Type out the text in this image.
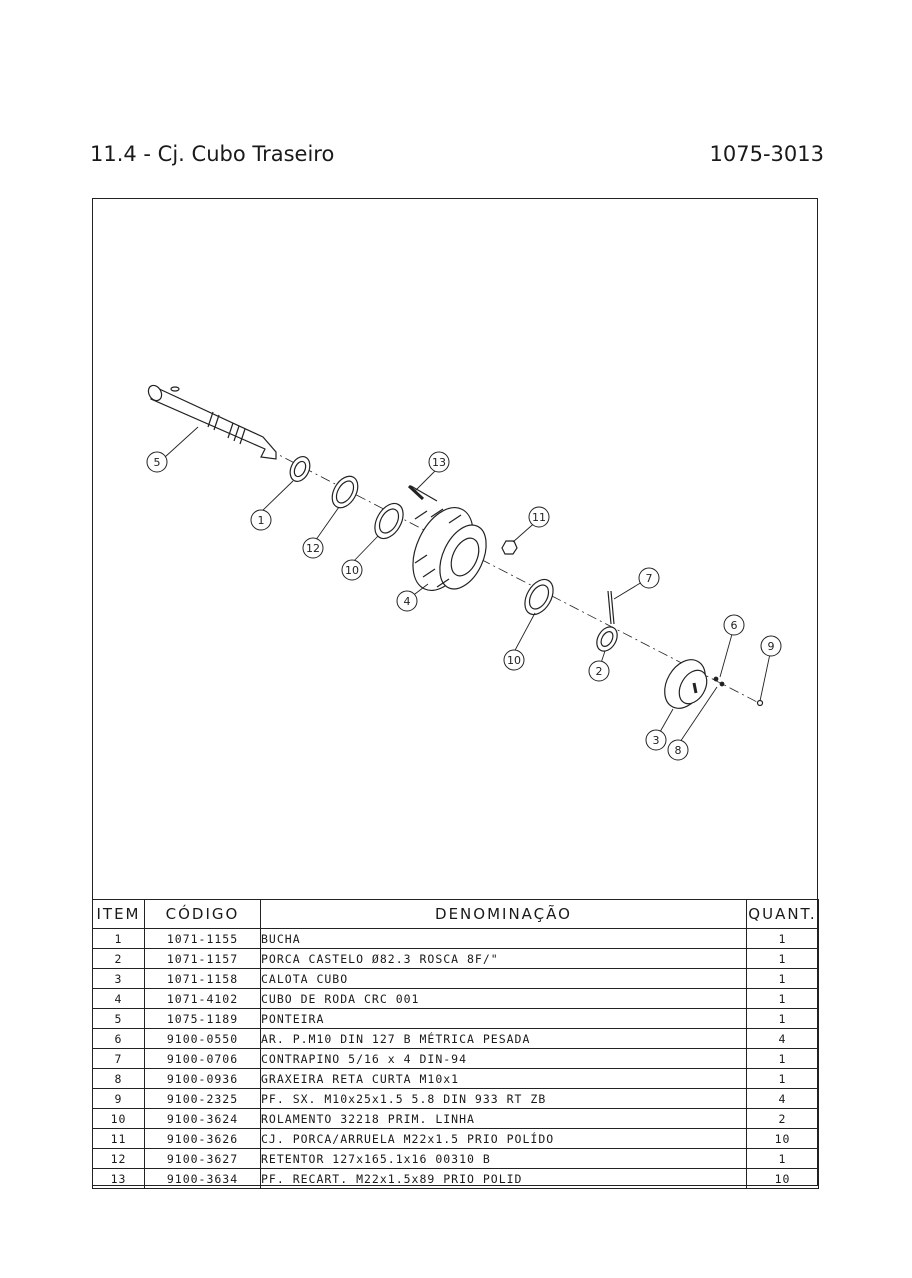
11.4 - Cj. Cubo Traseiro	1075-3013
5
1
12
13
10
11
4
10
7
2
6
9
3
8
ITEM	CÓDIGO	DENOMINAÇÃO	QUANT.
1	1071-1155	BUCHA	1
2	1071-1157	PORCA CASTELO Ø82.3 ROSCA 8F/"	1
3	1071-1158	CALOTA CUBO	1
4	1071-4102	CUBO DE RODA CRC 001	1
5	1075-1189	PONTEIRA	1
6	9100-0550	AR. P.M10 DIN 127 B MÉTRICA PESADA	4
7	9100-0706	CONTRAPINO 5/16 x 4 DIN-94	1
8	9100-0936	GRAXEIRA RETA CURTA M10x1	1
9	9100-2325	PF. SX. M10x25x1.5 5.8 DIN 933 RT ZB	4
10	9100-3624	ROLAMENTO 32218 PRIM. LINHA	2
11	9100-3626	CJ. PORCA/ARRUELA M22x1.5 PRIO POLÍDO	10
12	9100-3627	RETENTOR 127x165.1x16 00310 B	1
13	9100-3634	PF. RECART. M22x1.5x89 PRIO POLID	10
